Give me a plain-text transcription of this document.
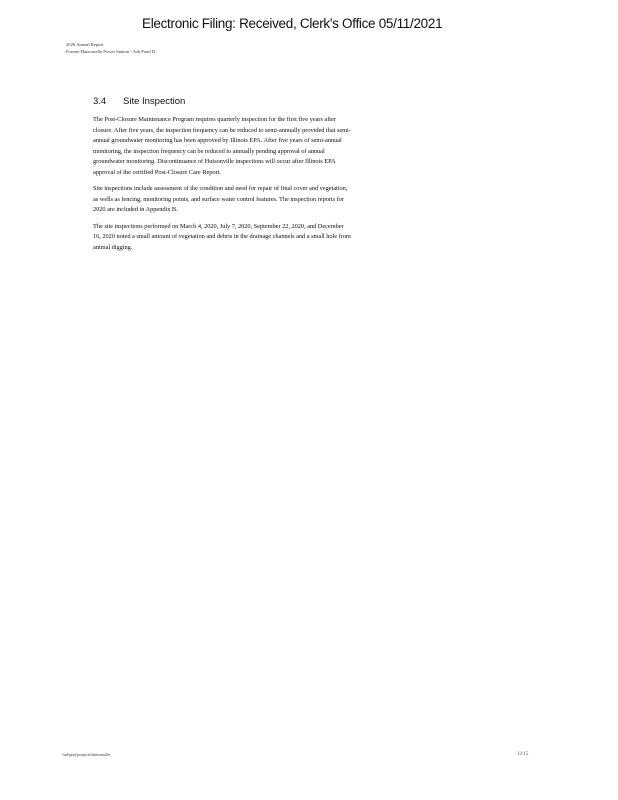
Electronic Filing: Received, Clerk's Office 05/11/2021
2020 Annual Report
Former Hutsonville Power Station - Ash Pond D
3.4 Site Inspection

The Post-Closure Maintenance Program requires quarterly inspection for the first five years after closure. After five years, the inspection frequency can be reduced to semi-annually provided that semi-annual groundwater monitoring has been approved by Illinois EPA. After five years of semi-annual monitoring, the inspection frequency can be reduced to annually pending approval of annual groundwater monitoring. Discontinuance of Hutsonville inspections will occur after Illinois EPA approval of the certified Post-Closure Care Report.

Site inspections include assessment of the condition and need for repair of final cover and vegetation, as wells as fencing, monitoring points, and surface water control features. The inspection reports for 2020 are included in Appendix B.

The site inspections performed on March 4, 2020, July 7, 2020, September 22, 2020, and December 16, 2020 noted a small amount of vegetation and debris in the drainage channels and a small hole from animal digging.

\\ad\proj\projects\hutsonville	12/15
